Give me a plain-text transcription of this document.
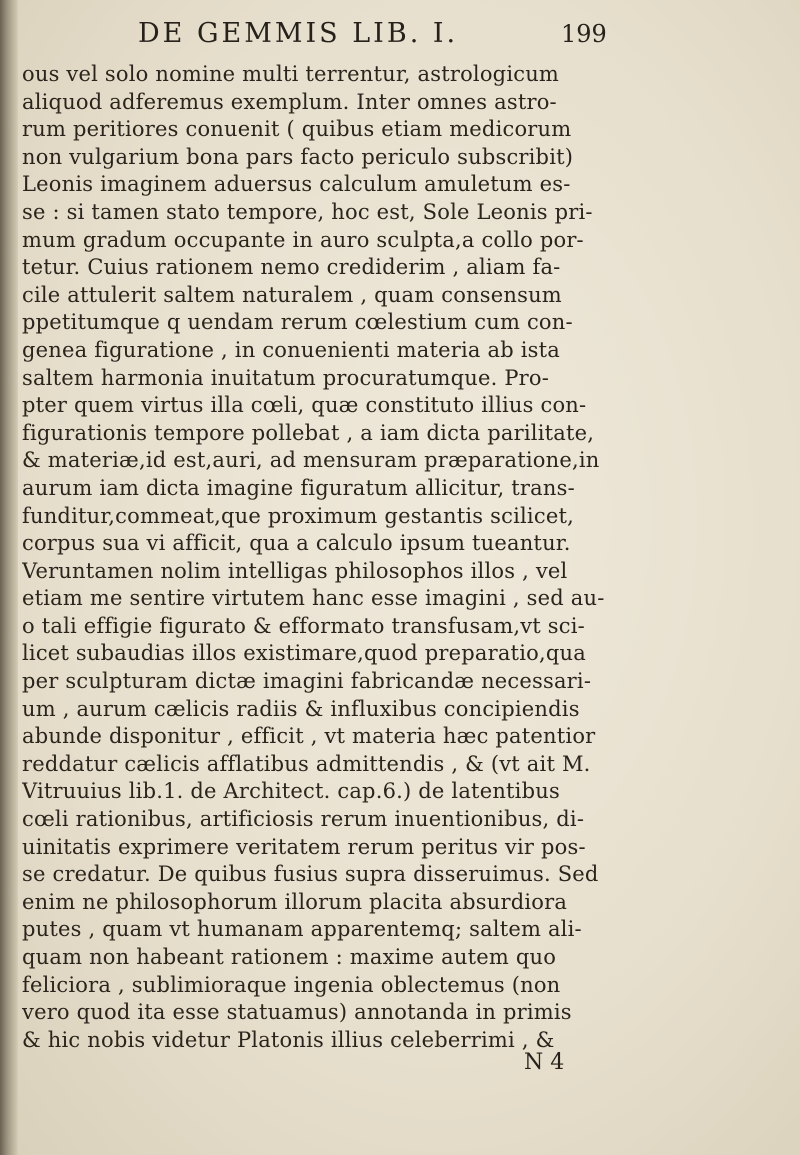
DE GEMMIS LIB. I.	199
ous vel solo nomine multi terrentur, astrologicum
aliquod adferemus exemplum. Inter omnes astro-
rum peritiores conuenit ( quibus etiam medicorum
non vulgarium bona pars facto periculo subscribit)
Leonis imaginem aduersus calculum amuletum es-
se : si tamen stato tempore, hoc est, Sole Leonis pri-
mum gradum occupante in auro sculpta,a collo por-
tetur. Cuius rationem nemo crediderim , aliam fa-
cile attulerit saltem naturalem , quam consensum
ppetitumque q uendam rerum cœlestium cum con-
genea figuratione , in conuenienti materia ab ista
saltem harmonia inuitatum procuratumque. Pro-
pter quem virtus illa cœli, quæ constituto illius con-
figurationis tempore pollebat , a iam dicta parilitate,
& materiæ,id est,auri, ad mensuram præparatione,in
aurum iam dicta imagine figuratum allicitur, trans-
funditur,commeat,que proximum gestantis scilicet,
corpus sua vi afficit, qua a calculo ipsum tueantur.
Veruntamen nolim intelligas philosophos illos , vel
etiam me sentire virtutem hanc esse imagini , sed au-
o tali effigie figurato & efformato transfusam,vt sci-
licet subaudias illos existimare,quod preparatio,qua
per sculpturam dictæ imagini fabricandæ necessari-
um , aurum cælicis radiis & influxibus concipiendis
abunde disponitur , efficit , vt materia hæc patentior
reddatur cælicis afflatibus admittendis , & (vt ait M.
Vitruuius lib.1. de Architect. cap.6.) de latentibus
cœli rationibus, artificiosis rerum inuentionibus, di-
uinitatis exprimere veritatem rerum peritus vir pos-
se credatur. De quibus fusius supra disseruimus. Sed
enim ne philosophorum illorum placita absurdiora
putes , quam vt humanam apparentemq; saltem ali-
quam non habeant rationem : maxime autem quo
feliciora , sublimioraque ingenia oblectemus (non
vero quod ita esse statuamus) annotanda in primis
& hic nobis videtur Platonis illius celeberrimi , &
N 4
